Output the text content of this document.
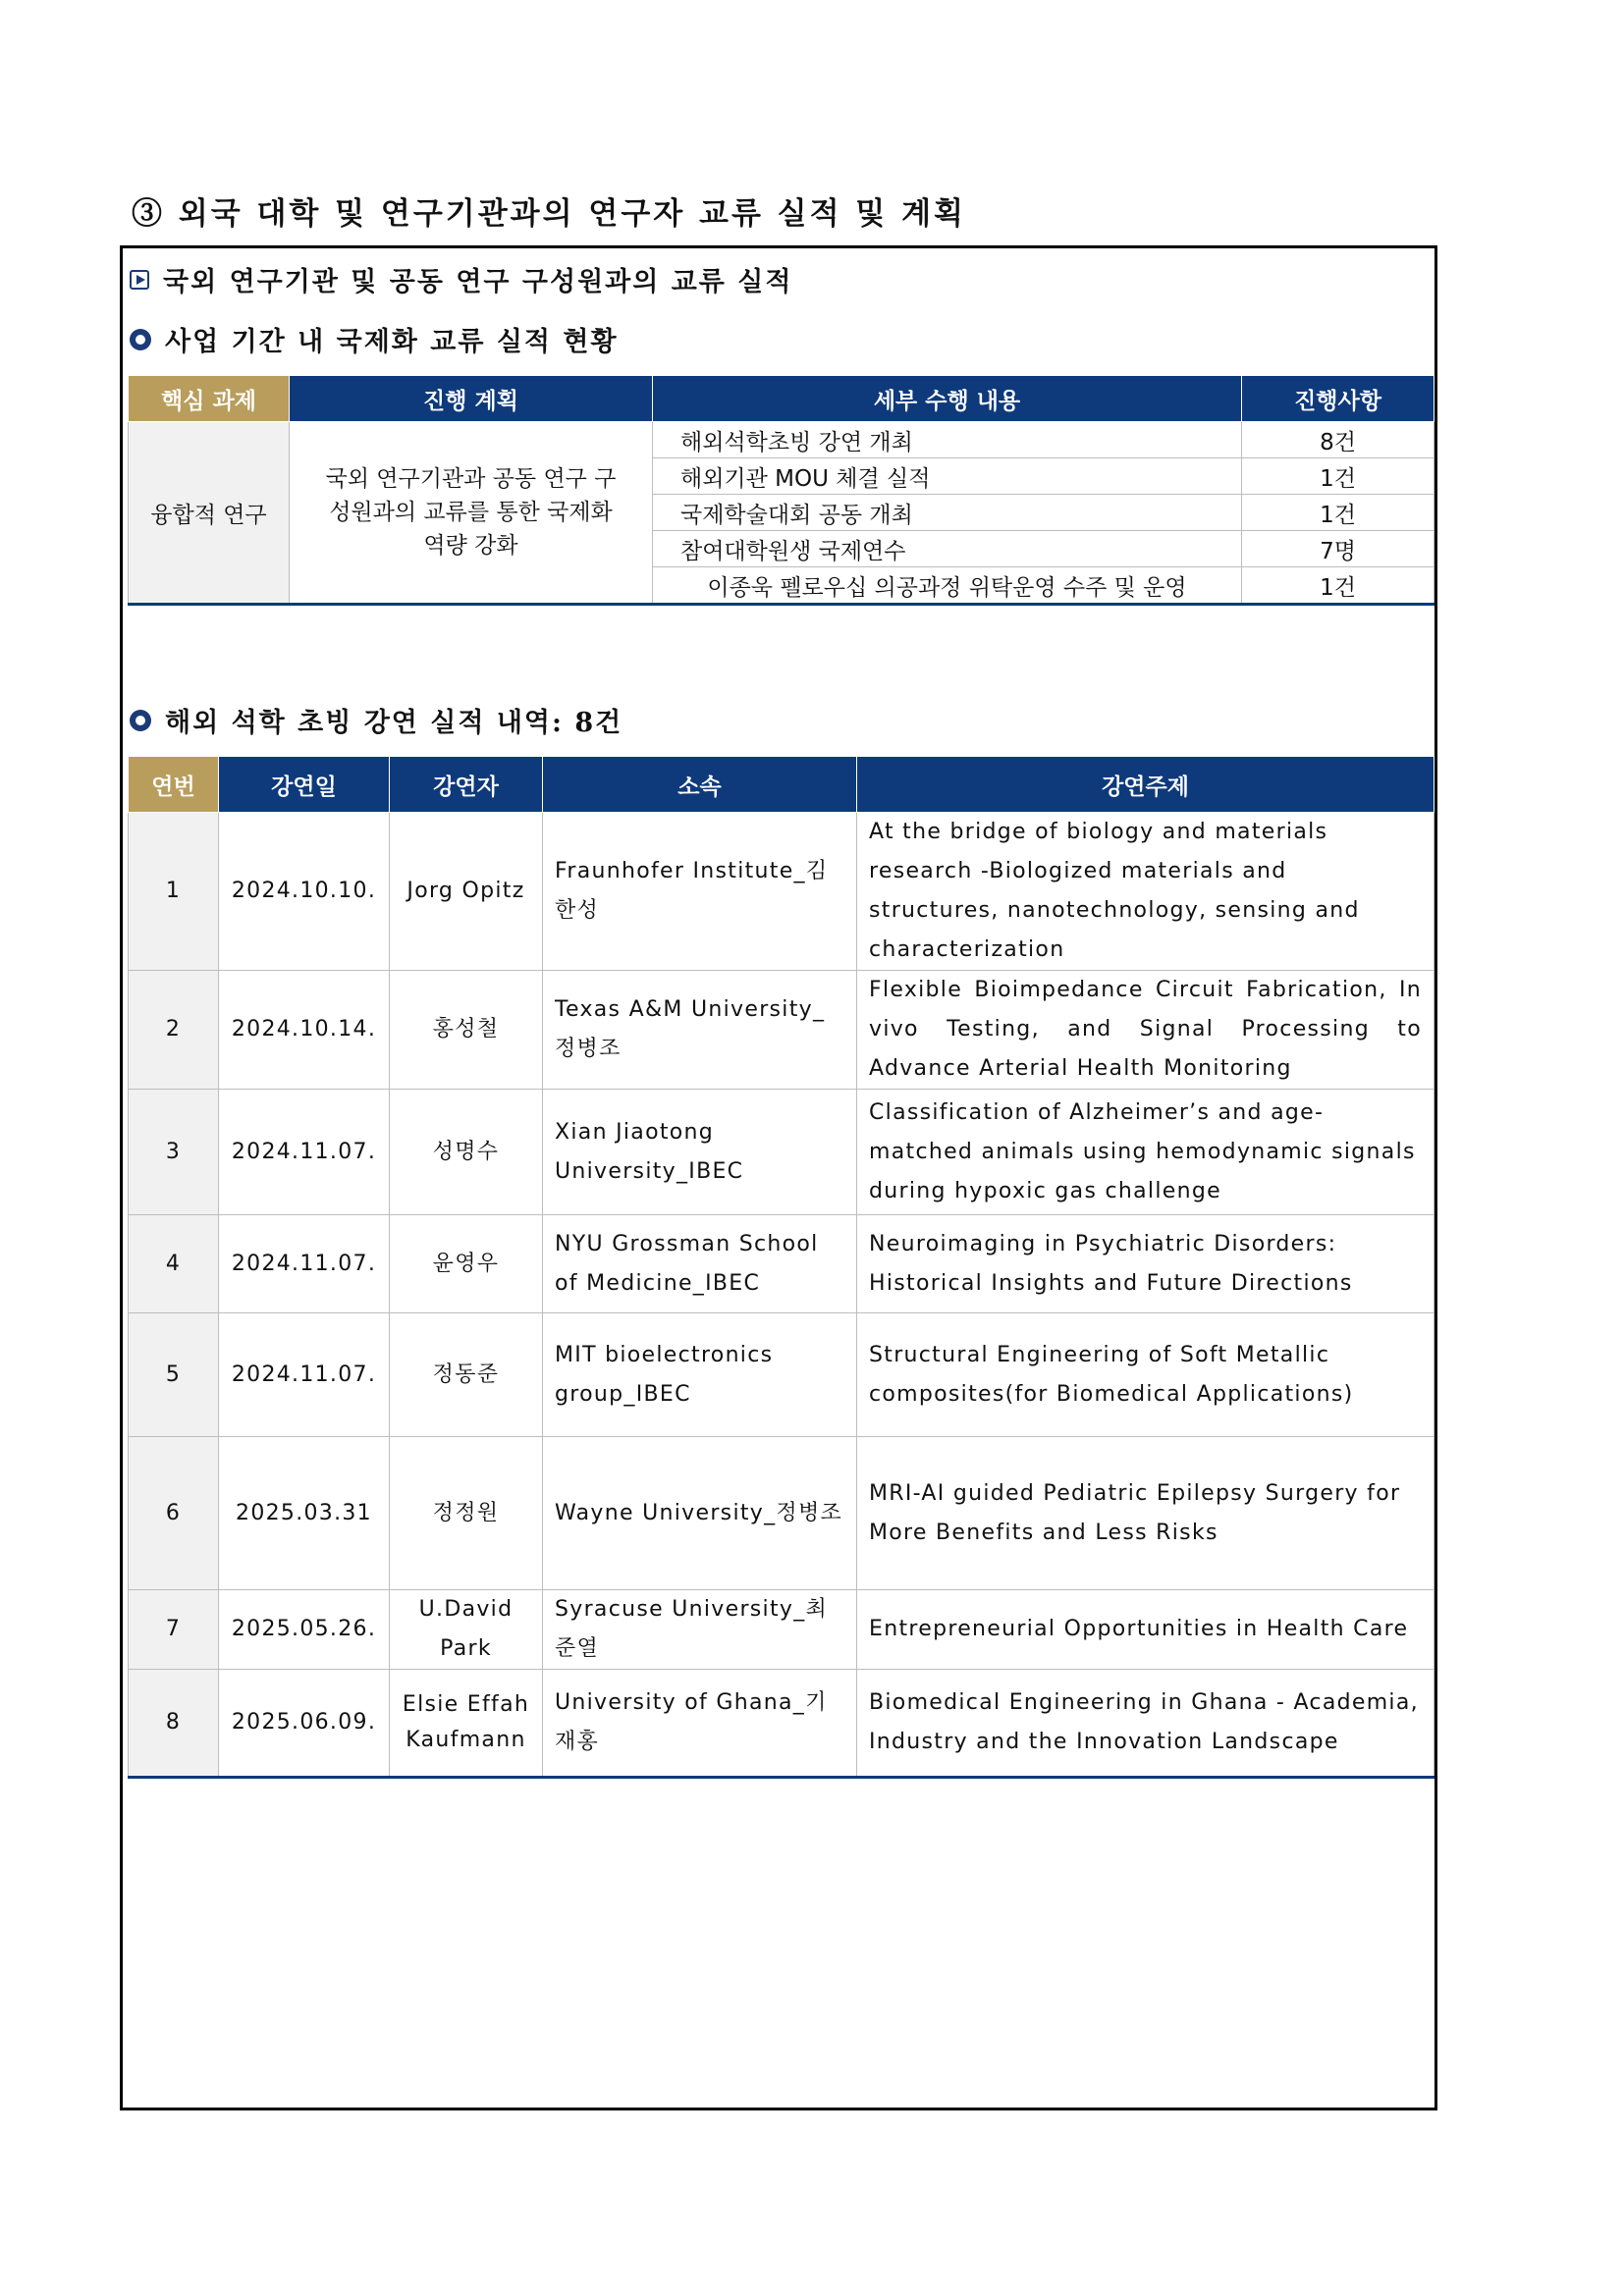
③ 외국 대학 및 연구기관과의 연구자 교류 실적 및 계획
국외 연구기관 및 공동 연구 구성원과의 교류 실적
사업 기간 내 국제화 교류 실적 현황
핵심 과제	진행 계획	세부 수행 내용	진행사항
융합적 연구	국외 연구기관과 공동 연구 구성원과의 교류를 통한 국제화 역량 강화	해외석학초빙 강연 개최	8건
		해외기관 MOU 체결 실적	1건
		국제학술대회 공동 개최	1건
		참여대학원생 국제연수	7명
		이종욱 펠로우십 의공과정 위탁운영 수주 및 운영	1건
해외 석학 초빙 강연 실적 내역: 8건
연번	강연일	강연자	소속	강연주제
1	2024.10.10.	Jorg Opitz	Fraunhofer Institute_김한성	At the bridge of biology and materials research -Biologized materials and structures, nanotechnology, sensing and characterization
2	2024.10.14.	홍성철	Texas A&M University_정병조	Flexible Bioimpedance Circuit Fabrication, In vivo Testing, and Signal Processing to Advance Arterial Health Monitoring
3	2024.11.07.	성명수	Xian Jiaotong University_IBEC	Classification of Alzheimer’s and age-matched animals using hemodynamic signals during hypoxic gas challenge
4	2024.11.07.	윤영우	NYU Grossman School of Medicine_IBEC	Neuroimaging in Psychiatric Disorders: Historical Insights and Future Directions
5	2024.11.07.	정동준	MIT bioelectronics group_IBEC	Structural Engineering of Soft Metallic composites(for Biomedical Applications)
6	2025.03.31	정정원	Wayne University_정병조	MRI-AI guided Pediatric Epilepsy Surgery for More Benefits and Less Risks
7	2025.05.26.	U.David Park	Syracuse University_최준열	Entrepreneurial Opportunities in Health Care
8	2025.06.09.	Elsie Effah Kaufmann	University of Ghana_기재홍	Biomedical Engineering in Ghana - Academia, Industry and the Innovation Landscape
